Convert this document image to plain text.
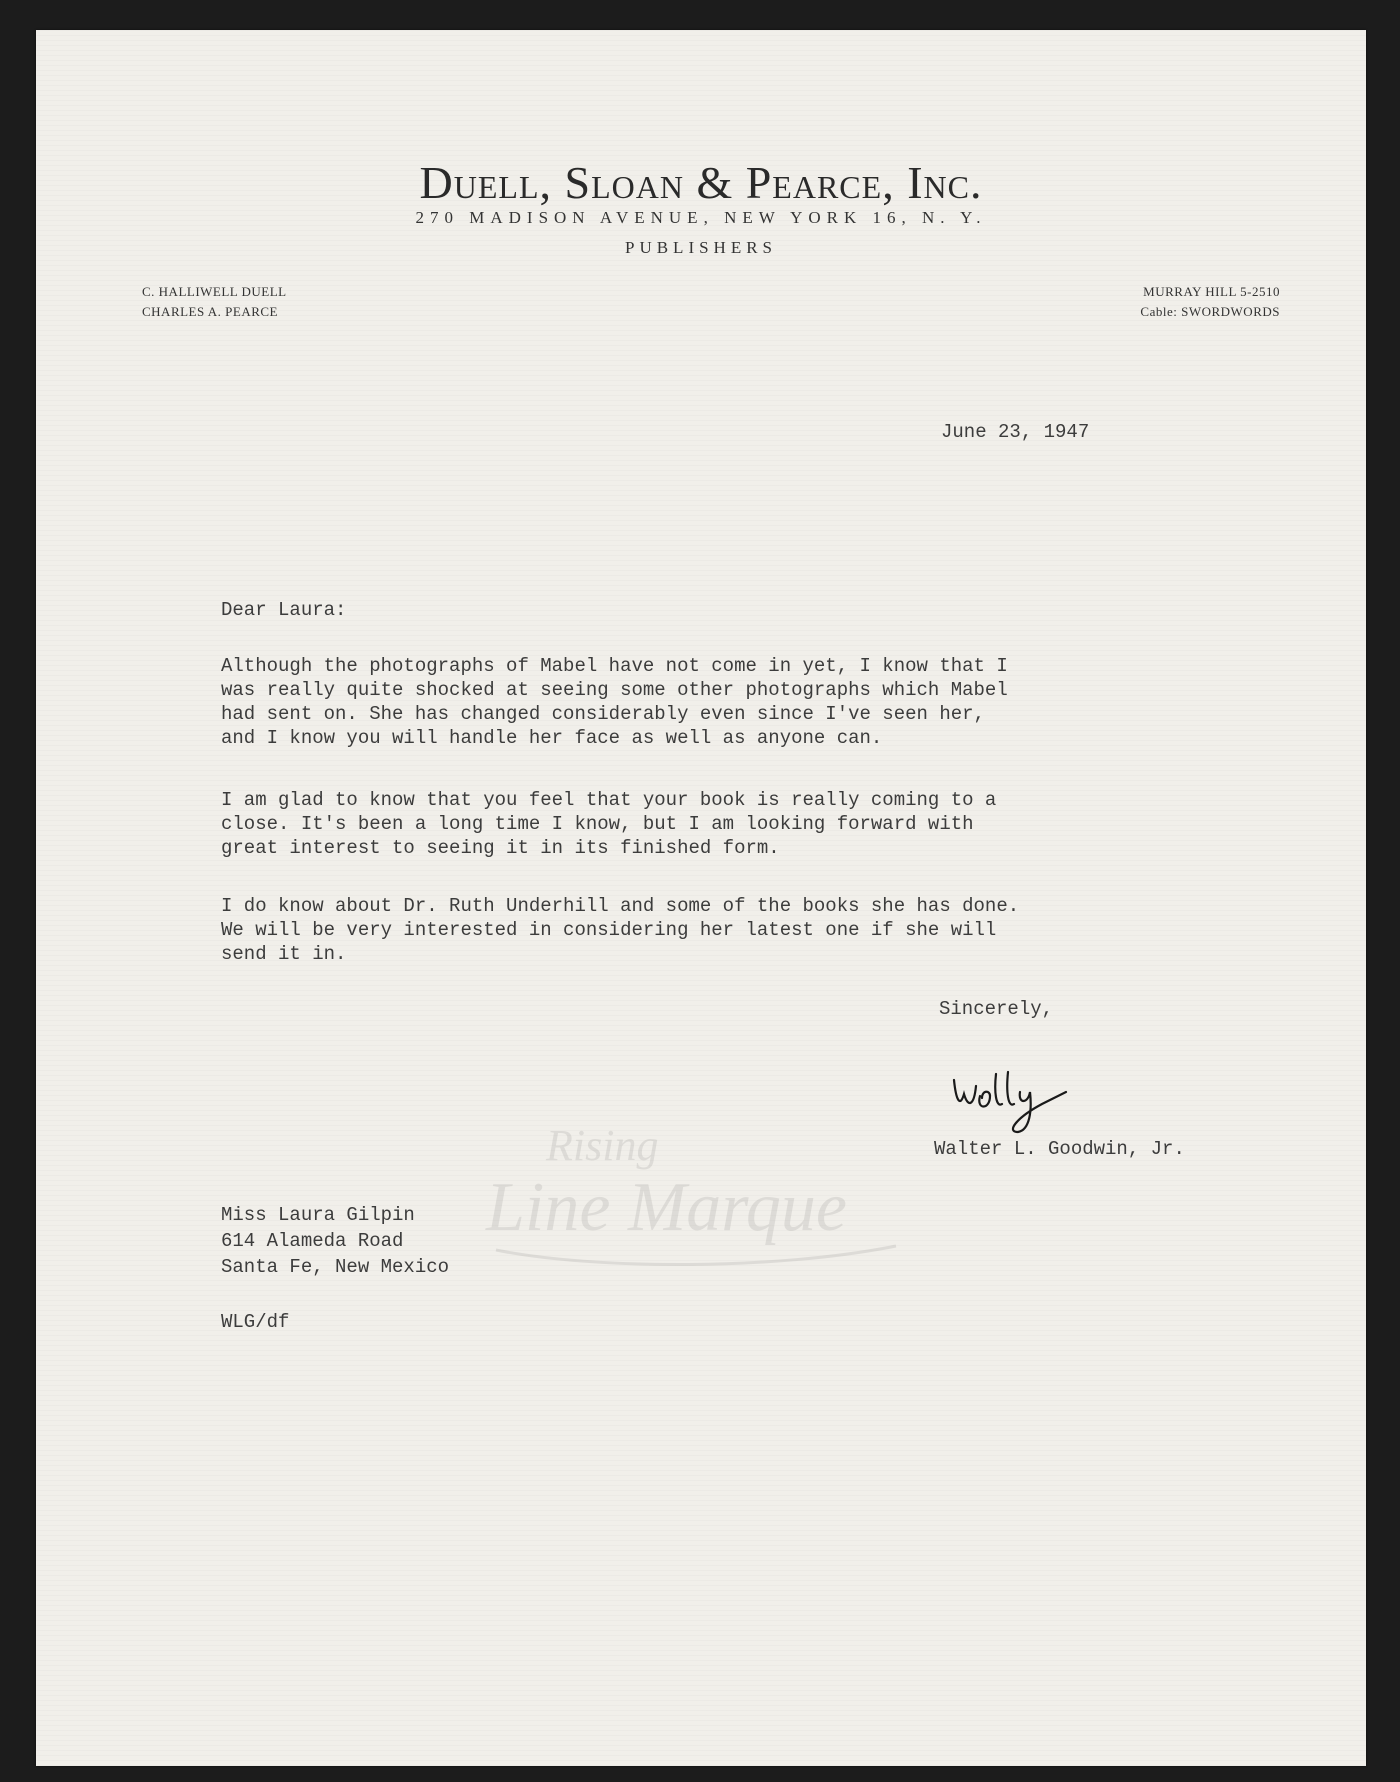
Duell, Sloan & Pearce, Inc.
270 MADISON AVENUE, NEW YORK 16, N. Y.
PUBLISHERS
C. HALLIWELL DUELL
CHARLES A. PEARCE
MURRAY HILL 5-2510
Cable: SWORDWORDS
June 23, 1947
Dear Laura:
Although the photographs of Mabel have not come in yet, I know that I
was really quite shocked at seeing some other photographs which Mabel
had sent on. She has changed considerably even since I've seen her,
and I know you will handle her face as well as anyone can.
I am glad to know that you feel that your book is really coming to a
close. It's been a long time I know, but I am looking forward with
great interest to seeing it in its finished form.
I do know about Dr. Ruth Underhill and some of the books she has done.
We will be very interested in considering her latest one if she will
send it in.
Sincerely,
Walter L. Goodwin, Jr.
Rising
Line Marque
Miss Laura Gilpin
614 Alameda Road
Santa Fe, New Mexico
WLG/df
